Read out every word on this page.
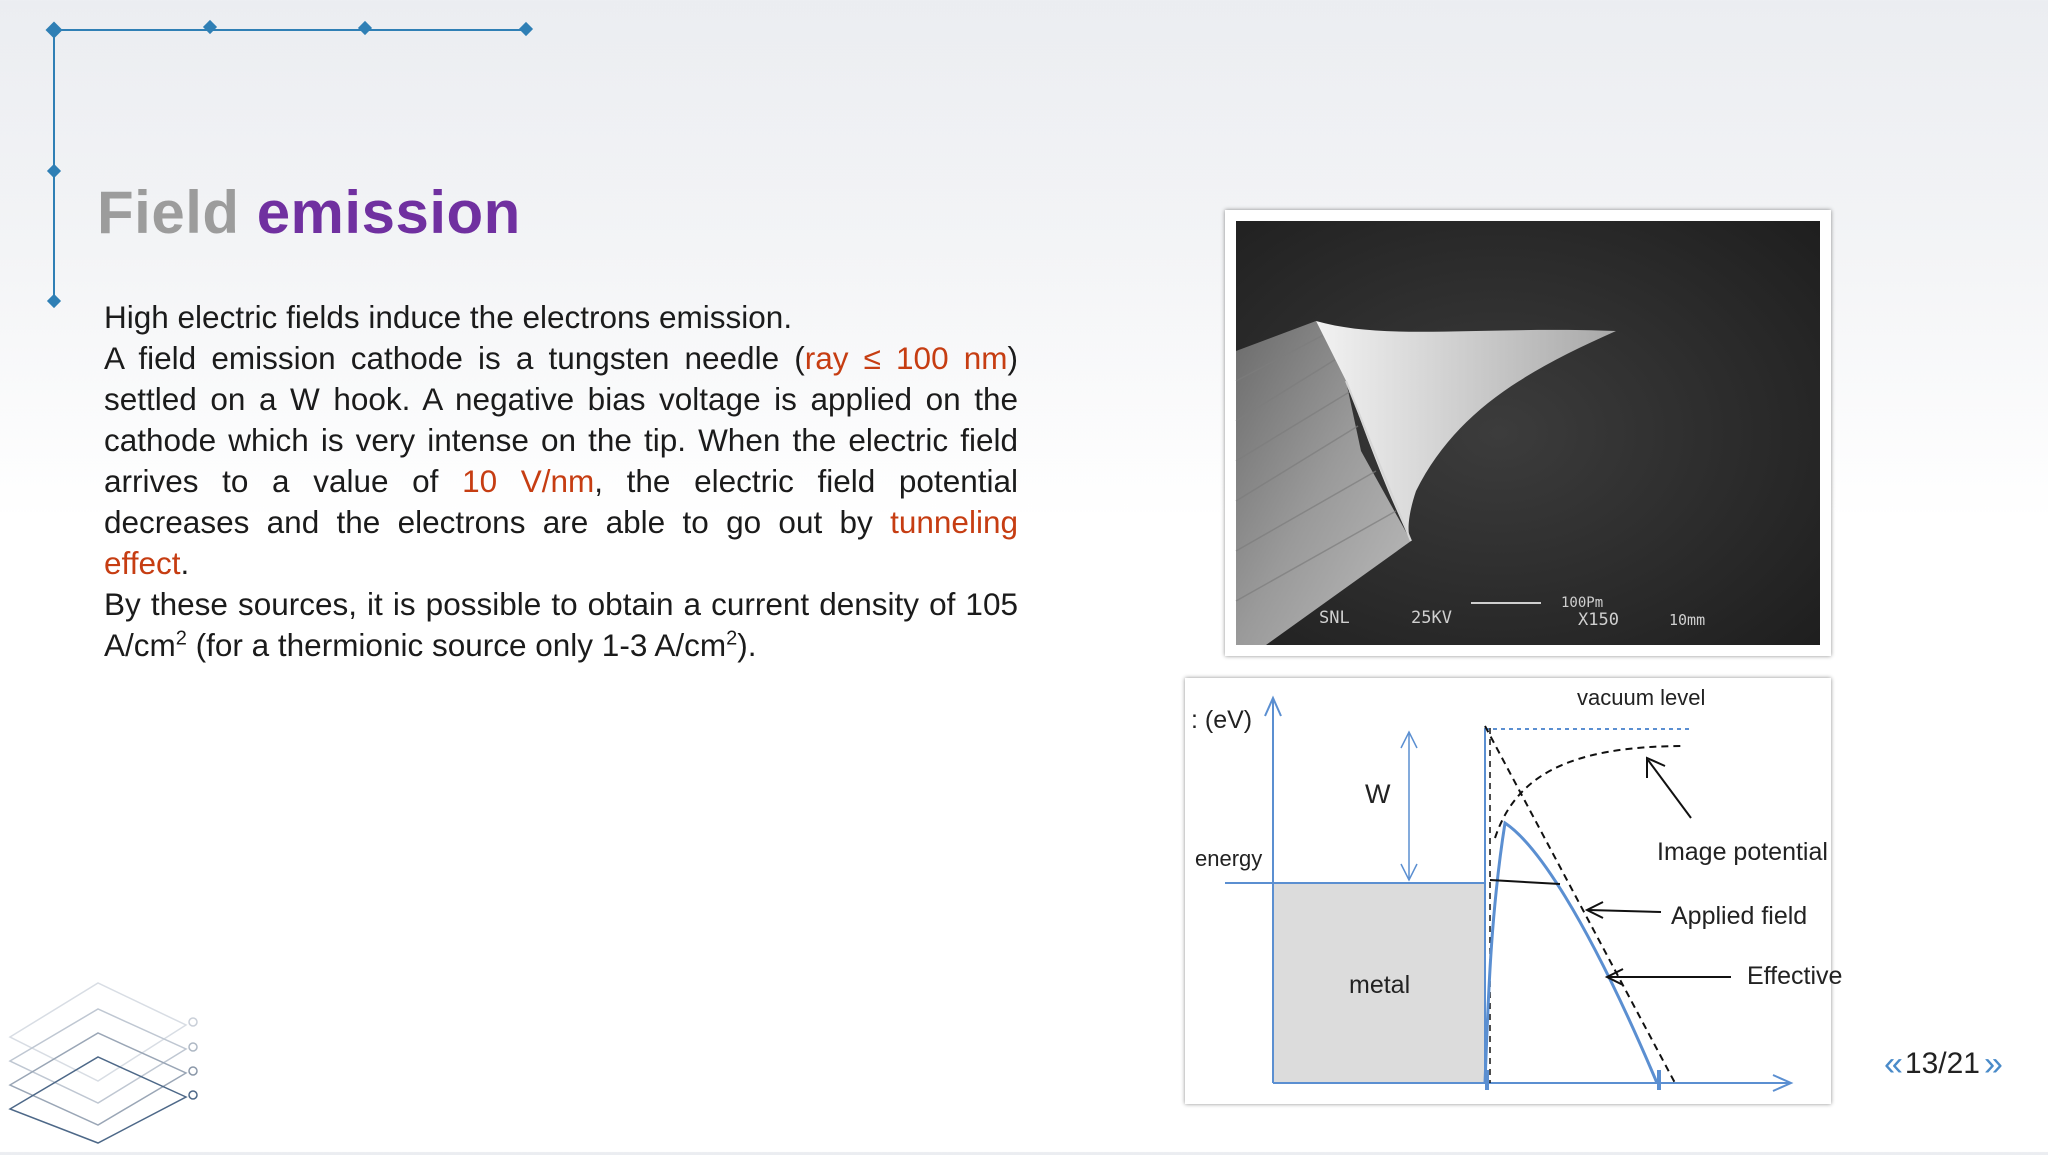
Field emission

High electric fields induce the electrons emission.

A field emission cathode is a tungsten needle (ray ≤ 100 nm) settled on a W hook. A negative bias voltage is applied on the cathode which is very intense on the tip. When the electric field arrives to a value of 10 V/nm, the electric field potential decreases and the electrons are able to go out by tunneling effect.

By these sources, it is possible to obtain a current density of 105 $A/cm^2$ (for a thermionic source only 1-3 $A/cm^2$).

SNL	25KV
100Pm
X150	10mm
: (eV)
vacuum level
W
energy
metal
Image potential
Applied field
Effective
« 13/21 »
